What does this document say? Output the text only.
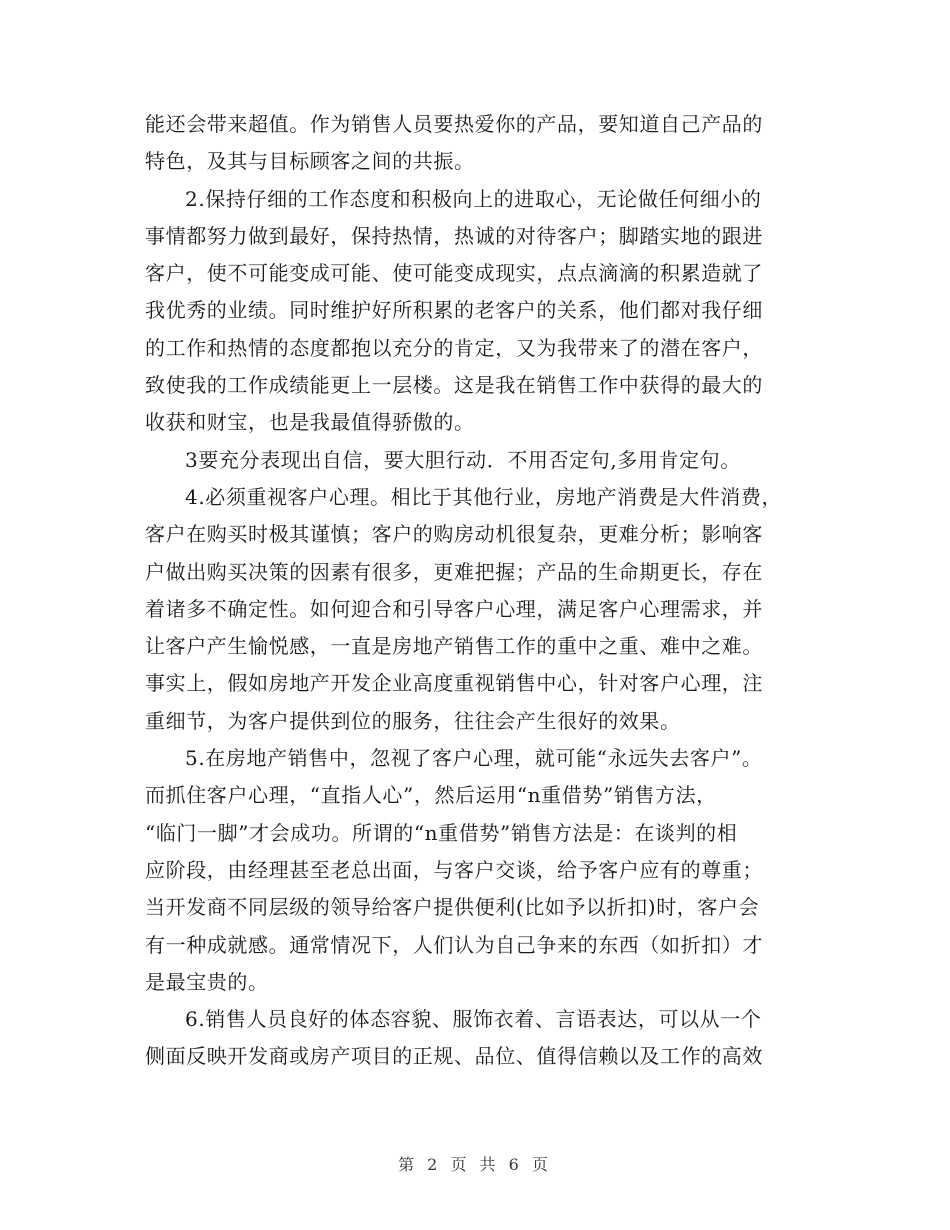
能还会带来超值。作为销售人员要热爱你的产品，要知道自己产品的
特色，及其与目标顾客之间的共振。
2.保持仔细的工作态度和积极向上的进取心，无论做任何细小的
事情都努力做到最好，保持热情，热诚的对待客户；脚踏实地的跟进
客户，使不可能变成可能、使可能变成现实，点点滴滴的积累造就了
我优秀的业绩。同时维护好所积累的老客户的关系，他们都对我仔细
的工作和热情的态度都抱以充分的肯定，又为我带来了的潜在客户，
致使我的工作成绩能更上一层楼。这是我在销售工作中获得的最大的
收获和财宝，也是我最值得骄傲的。
3要充分表现出自信，要大胆行动．不用否定句,多用肯定句。
4.必须重视客户心理。相比于其他行业，房地产消费是大件消费，
客户在购买时极其谨慎；客户的购房动机很复杂，更难分析；影响客
户做出购买决策的因素有很多，更难把握；产品的生命期更长，存在
着诸多不确定性。如何迎合和引导客户心理，满足客户心理需求，并
让客户产生愉悦感，一直是房地产销售工作的重中之重、难中之难。
事实上，假如房地产开发企业高度重视销售中心，针对客户心理，注
重细节，为客户提供到位的服务，往往会产生很好的效果。
5.在房地产销售中，忽视了客户心理，就可能“永远失去客户”。
而抓住客户心理，“直指人心”，然后运用“n重借势”销售方法，
“临门一脚”才会成功。所谓的“n重借势”销售方法是：在谈判的相
应阶段，由经理甚至老总出面，与客户交谈，给予客户应有的尊重；
当开发商不同层级的领导给客户提供便利(比如予以折扣)时，客户会
有一种成就感。通常情况下，人们认为自己争来的东西（如折扣）才
是最宝贵的。
6.销售人员良好的体态容貌、服饰衣着、言语表达，可以从一个
侧面反映开发商或房产项目的正规、品位、值得信赖以及工作的高效
第 2 页 共 6 页
